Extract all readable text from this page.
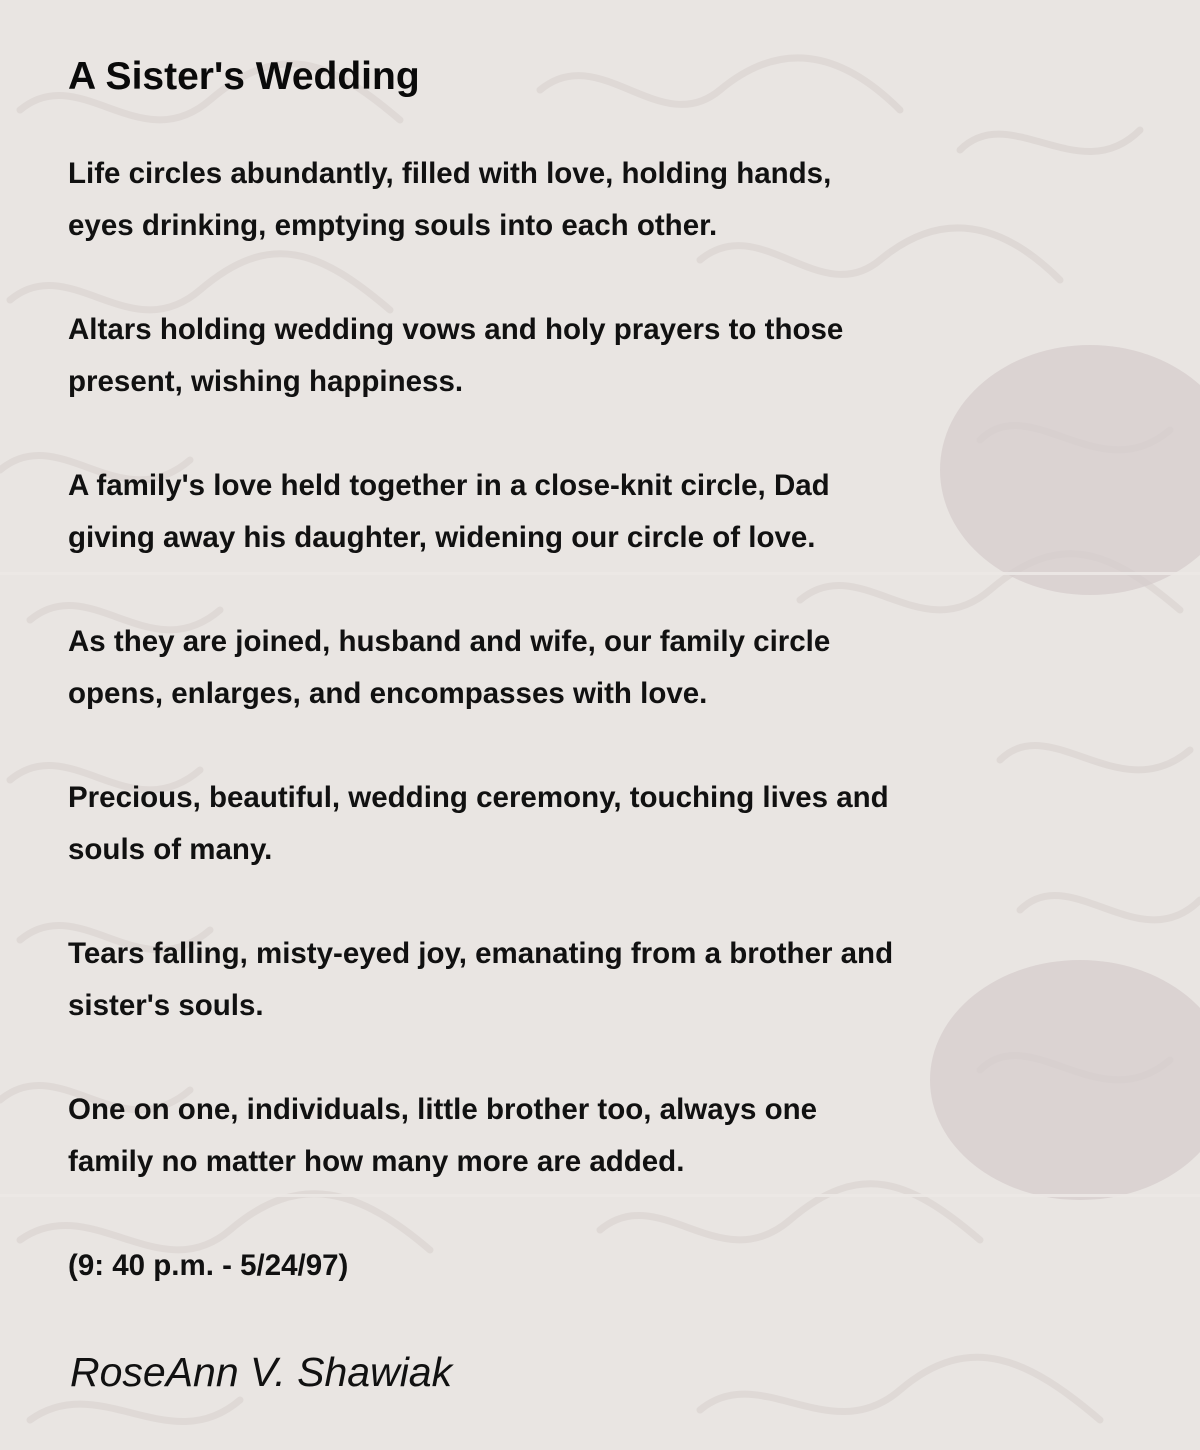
A Sister's Wedding
Life circles abundantly, filled with love, holding hands,
eyes drinking, emptying souls into each other.
Altars holding wedding vows and holy prayers to those
present, wishing happiness.
A family's love held together in a close-knit circle, Dad
giving away his daughter, widening our circle of love.
As they are joined, husband and wife, our family circle
opens, enlarges, and encompasses with love.
Precious, beautiful, wedding ceremony, touching lives and
souls of many.
Tears falling, misty-eyed joy, emanating from a brother and
sister's souls.
One on one, individuals, little brother too, always one
family no matter how many more are added.

(9: 40 p.m. - 5/24/97)

RoseAnn V. Shawiak
